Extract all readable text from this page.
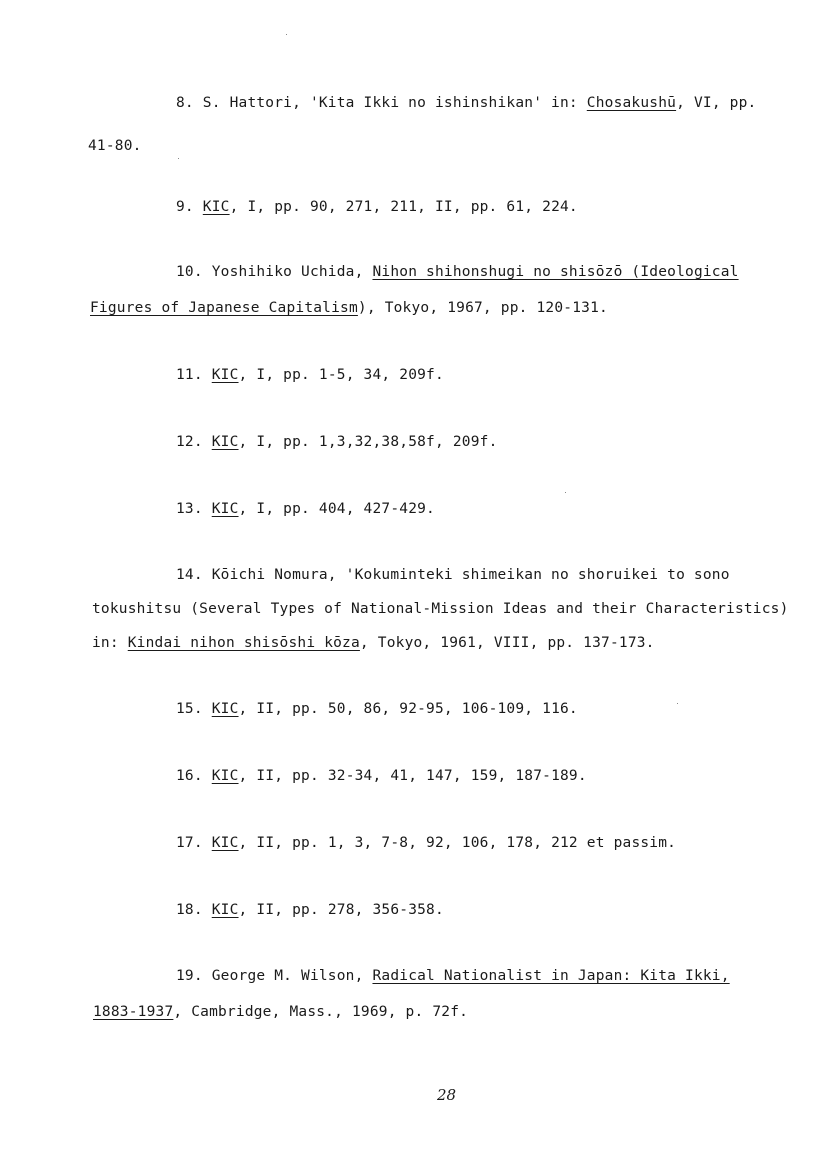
8. S. Hattori, 'Kita Ikki no ishinshikan' in: Chosakushū, VI, pp.
41-80.
9. KIC, I, pp. 90, 271, 211, II, pp. 61, 224.
10. Yoshihiko Uchida, Nihon shihonshugi no shisōzō (Ideological
Figures of Japanese Capitalism), Tokyo, 1967, pp. 120-131.
11. KIC, I, pp. 1-5, 34, 209f.
12. KIC, I, pp. 1,3,32,38,58f, 209f.
13. KIC, I, pp. 404, 427-429.
14. Kōichi Nomura, 'Kokuminteki shimeikan no shoruikei to sono
tokushitsu (Several Types of National-Mission Ideas and their Characteristics)
in: Kindai nihon shisōshi kōza, Tokyo, 1961, VIII, pp. 137-173.
15. KIC, II, pp. 50, 86, 92-95, 106-109, 116.
16. KIC, II, pp. 32-34, 41, 147, 159, 187-189.
17. KIC, II, pp. 1, 3, 7-8, 92, 106, 178, 212 et passim.
18. KIC, II, pp. 278, 356-358.
19. George M. Wilson, Radical Nationalist in Japan: Kita Ikki,
1883-1937, Cambridge, Mass., 1969, p. 72f.
28
